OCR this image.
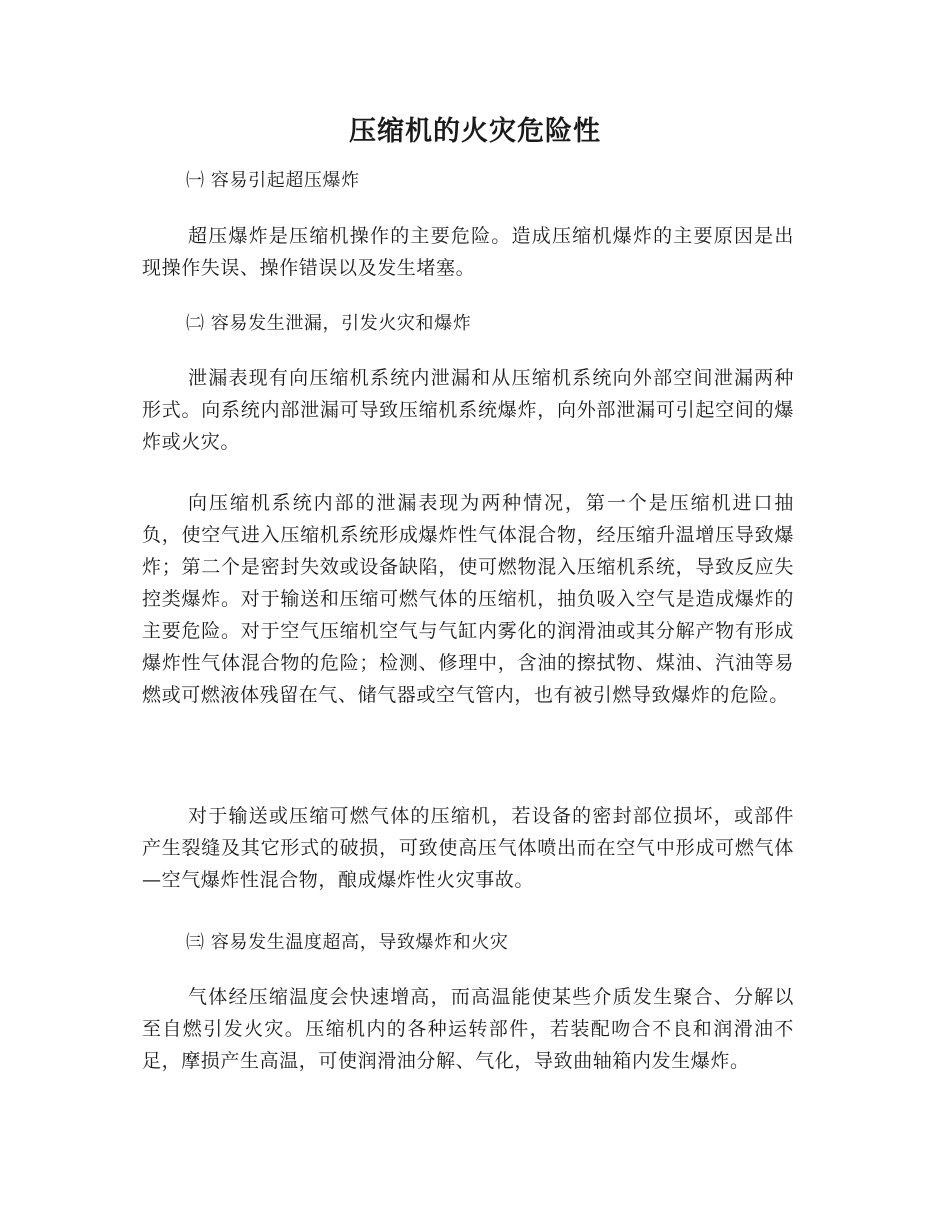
压缩机的火灾危险性
㈠ 容易引起超压爆炸

超压爆炸是压缩机操作的主要危险。造成压缩机爆炸的主要原因是出现操作失误、操作错误以及发生堵塞。

㈡ 容易发生泄漏，引发火灾和爆炸

泄漏表现有向压缩机系统内泄漏和从压缩机系统向外部空间泄漏两种形式。向系统内部泄漏可导致压缩机系统爆炸，向外部泄漏可引起空间的爆炸或火灾。

向压缩机系统内部的泄漏表现为两种情况，第一个是压缩机进口抽负，使空气进入压缩机系统形成爆炸性气体混合物，经压缩升温增压导致爆炸；第二个是密封失效或设备缺陷，使可燃物混入压缩机系统，导致反应失控类爆炸。对于输送和压缩可燃气体的压缩机，抽负吸入空气是造成爆炸的主要危险。对于空气压缩机空气与气缸内雾化的润滑油或其分解产物有形成爆炸性气体混合物的危险；检测、修理中，含油的擦拭物、煤油、汽油等易燃或可燃液体残留在气、储气器或空气管内，也有被引燃导致爆炸的危险。

对于输送或压缩可燃气体的压缩机，若设备的密封部位损坏，或部件产生裂缝及其它形式的破损，可致使高压气体喷出而在空气中形成可燃气体—空气爆炸性混合物，酿成爆炸性火灾事故。

㈢ 容易发生温度超高，导致爆炸和火灾

气体经压缩温度会快速增高，而高温能使某些介质发生聚合、分解以至自燃引发火灾。压缩机内的各种运转部件，若装配吻合不良和润滑油不足，摩损产生高温，可使润滑油分解、气化，导致曲轴箱内发生爆炸。
